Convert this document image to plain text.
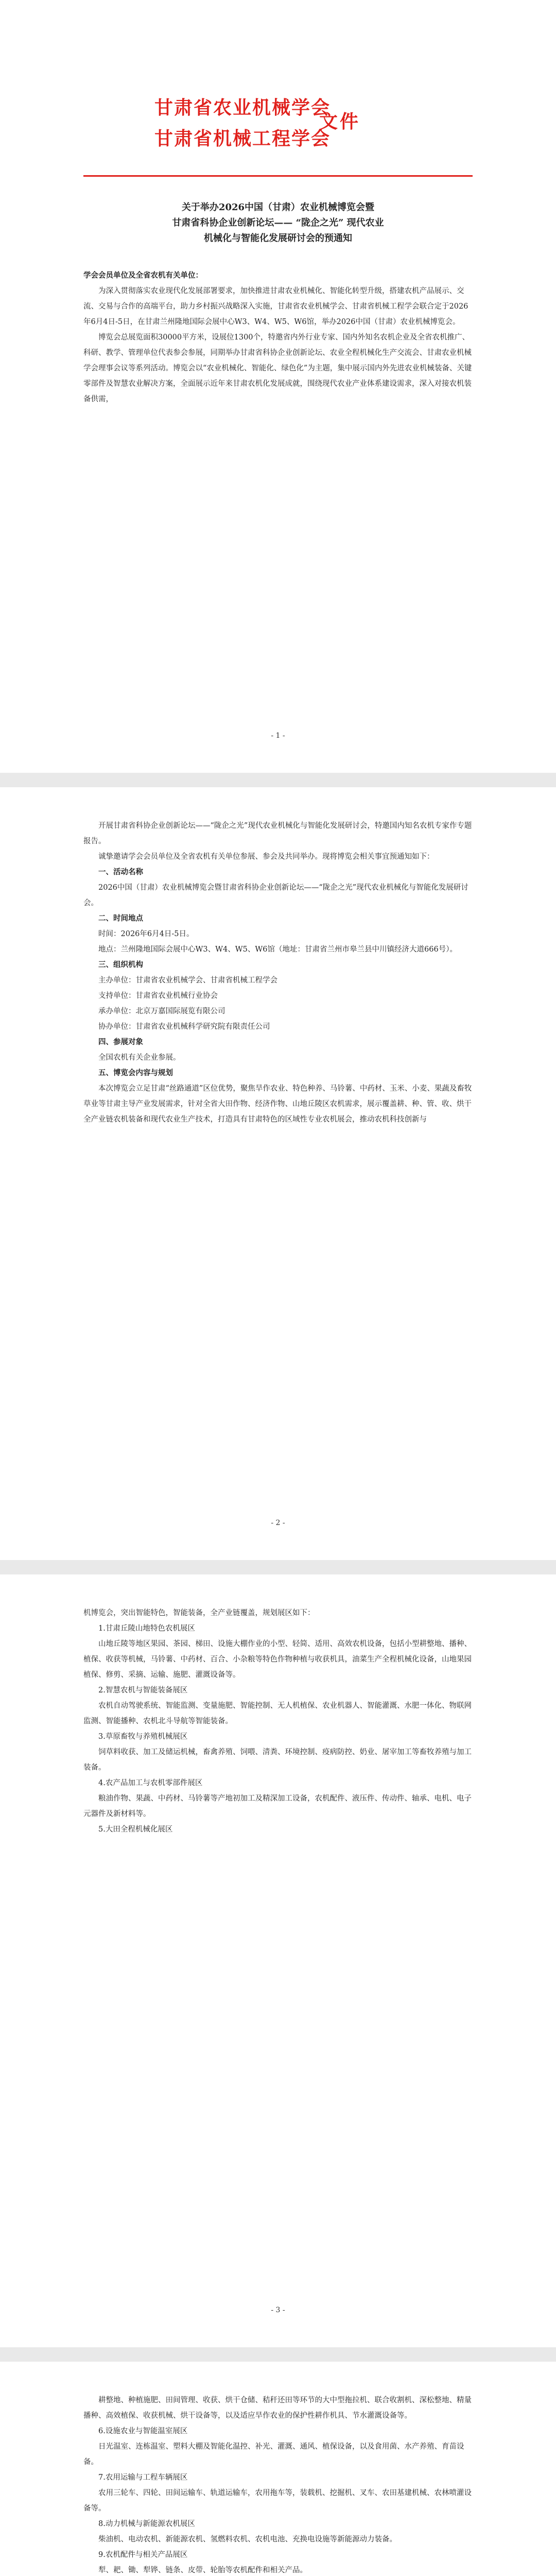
甘肃省农业机械学会
甘肃省机械工程学会
文件
关于举办2026中国（甘肃）农业机械博览会暨
甘肃省科协企业创新论坛—— “陇企之光” 现代农业
机械化与智能化发展研讨会的预通知

学会会员单位及全省农机有关单位：

为深入贯彻落实农业现代化发展部署要求，加快推进甘肃农业机械化、智能化转型升级，搭建农机产品展示、交流、交易与合作的高端平台，助力乡村振兴战略深入实施，甘肃省农业机械学会、甘肃省机械工程学会联合定于2026年6月4日-5日，在甘肃兰州隆地国际会展中心W3、W4、W5、W6馆，举办2026中国（甘肃）农业机械博览会。

博览会总展览面积30000平方米，设展位1300个，特邀省内外行业专家、国内外知名农机企业及全省农机推广、科研、教学、管理单位代表参会参展，同期举办甘肃省科协企业创新论坛、农业全程机械化生产交流会、甘肃农业机械学会理事会议等系列活动。博览会以“农业机械化、智能化、绿色化”为主题，集中展示国内外先进农业机械装备、关键零部件及智慧农业解决方案，全面展示近年来甘肃农机化发展成就，围绕现代农业产业体系建设需求，深入对接农机装备供需，

- 1 -

开展甘肃省科协企业创新论坛——“陇企之光”现代农业机械化与智能化发展研讨会，特邀国内知名农机专家作专题报告。

诚挚邀请学会会员单位及全省农机有关单位参展、参会及共同举办。现将博览会相关事宜预通知如下：

一、活动名称

2026中国（甘肃）农业机械博览会暨甘肃省科协企业创新论坛——“陇企之光”现代农业机械化与智能化发展研讨会。

二、时间地点

时间：2026年6月4日-5日。

地点：兰州隆地国际会展中心W3、W4、W5、W6馆（地址：甘肃省兰州市皋兰县中川镇经济大道666号）。

三、组织机构

主办单位：甘肃省农业机械学会、甘肃省机械工程学会

支持单位：甘肃省农业机械行业协会

承办单位：北京万嘉国际展览有限公司

协办单位：甘肃省农业机械科学研究院有限责任公司

四、参展对象

全国农机有关企业参展。

五、博览会内容与规划

本次博览会立足甘肃“丝路通道”区位优势，聚焦旱作农业、特色种养、马铃薯、中药材、玉米、小麦、果蔬及畜牧草业等甘肃主导产业发展需求，针对全省大田作物、经济作物、山地丘陵区农机需求，展示覆盖耕、种、管、收、烘干全产业链农机装备和现代农业生产技术，打造具有甘肃特色的区域性专业农机展会，推动农机科技创新与

- 2 -

机博览会，突出智能特色，智能装备，全产业链覆盖，规划展区如下：

1.甘肃丘陵山地特色农机展区

山地丘陵等地区果园、茶园、梯田、设施大棚作业的小型、轻简、适用、高效农机设备，包括小型耕整地、播种、植保、收获等机械，马铃薯、中药材、百合、小杂粮等特色作物种植与收获机具，油菜生产全程机械化设备，山地果园植保、修剪、采摘、运输、施肥、灌溉设备等。

2.智慧农机与智能装备展区

农机自动驾驶系统、智能监测、变量施肥、智能控制、无人机植保、农业机器人、智能灌溉、水肥一体化、物联网监测、智能播种、农机北斗导航等智能装备。

3.草原畜牧与养殖机械展区

饲草料收获、加工及储运机械，畜禽养殖、饲喂、清粪、环境控制、疫病防控、奶业、屠宰加工等畜牧养殖与加工装备。

4.农产品加工与农机零部件展区

粮油作物、果蔬、中药材、马铃薯等产地初加工及精深加工设备，农机配件、液压件、传动件、轴承、电机、电子元器件及新材料等。

5.大田全程机械化展区

- 3 -

耕整地、种植施肥、田间管理、收获、烘干仓储、秸秆还田等环节的大中型拖拉机、联合收割机、深松整地、精量播种、高效植保、收获机械、烘干设备等，以及适应旱作农业的保护性耕作机具、节水灌溉设备等。

6.设施农业与智能温室展区

日光温室、连栋温室、塑料大棚及智能化温控、补光、灌溉、通风、植保设备，以及食用菌、水产养殖、育苗设备。

7.农用运输与工程车辆展区

农用三轮车、四轮、田间运输车、轨道运输车，农用拖车等，装载机、挖掘机、叉车、农田基建机械、农林喷灌设备等。

8.动力机械与新能源农机展区

柴油机、电动农机、新能源农机、氢燃料农机、农机电池、充换电设施等新能源动力装备。

9.农机配件与相关产品展区

犁、耙、锄、犁铧、链条、皮带、轮胎等农机配件和相关产品。
